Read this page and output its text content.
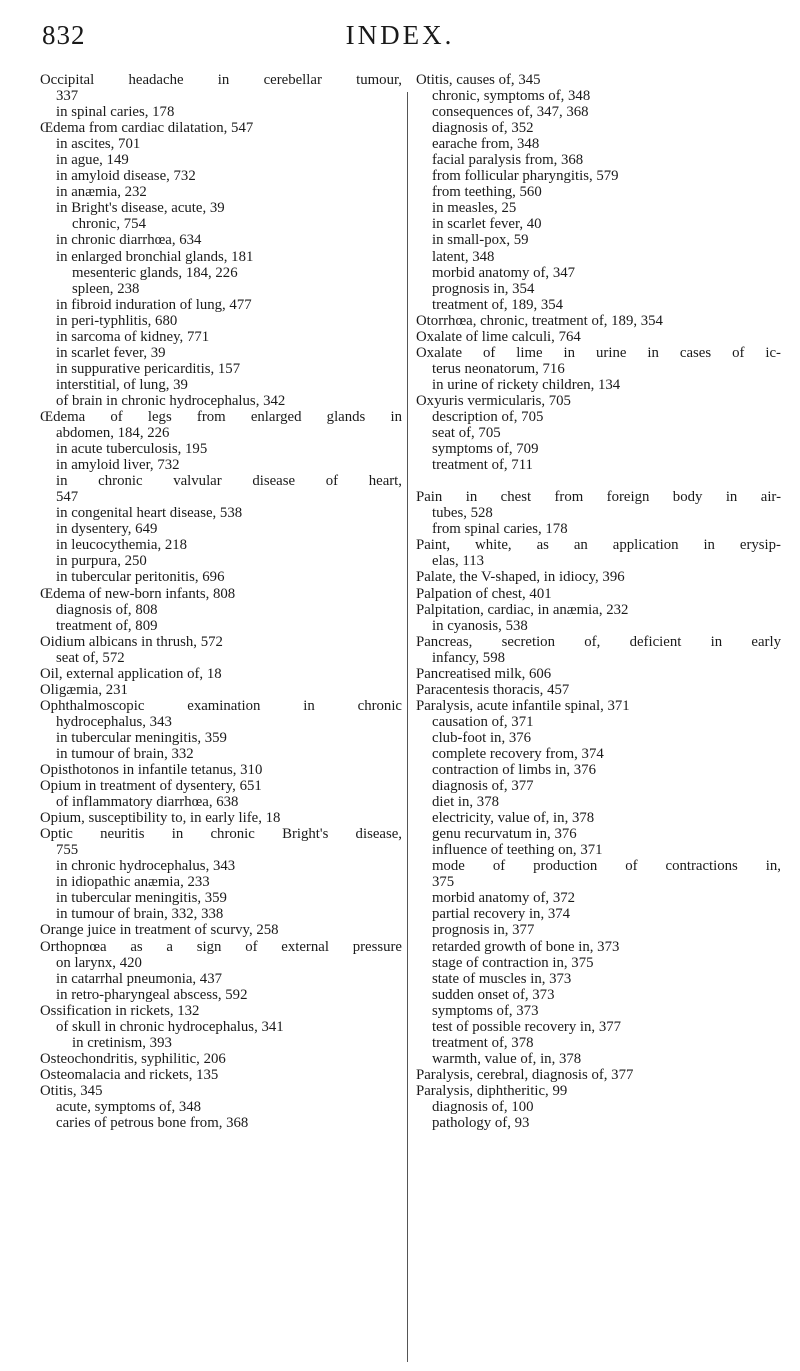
832	INDEX.
Occipital headache in cerebellar tumour,
337
in spinal caries, 178
Œdema from cardiac dilatation, 547
in ascites, 701
in ague, 149
in amyloid disease, 732
in anæmia, 232
in Bright's disease, acute, 39
chronic, 754
in chronic diarrhœa, 634
in enlarged bronchial glands, 181
mesenteric glands, 184, 226
spleen, 238
in fibroid induration of lung, 477
in peri-typhlitis, 680
in sarcoma of kidney, 771
in scarlet fever, 39
in suppurative pericarditis, 157
interstitial, of lung, 39
of brain in chronic hydrocephalus, 342
Œdema of legs from enlarged glands in
abdomen, 184, 226
in acute tuberculosis, 195
in amyloid liver, 732
in chronic valvular disease of heart,
547
in congenital heart disease, 538
in dysentery, 649
in leucocythemia, 218
in purpura, 250
in tubercular peritonitis, 696
Œdema of new-born infants, 808
diagnosis of, 808
treatment of, 809
Oidium albicans in thrush, 572
seat of, 572
Oil, external application of, 18
Oligæmia, 231
Ophthalmoscopic examination in chronic
hydrocephalus, 343
in tubercular meningitis, 359
in tumour of brain, 332
Opisthotonos in infantile tetanus, 310
Opium in treatment of dysentery, 651
of inflammatory diarrhœa, 638
Opium, susceptibility to, in early life, 18
Optic neuritis in chronic Bright's disease,
755
in chronic hydrocephalus, 343
in idiopathic anæmia, 233
in tubercular meningitis, 359
in tumour of brain, 332, 338
Orange juice in treatment of scurvy, 258
Orthopnœa as a sign of external pressure
on larynx, 420
in catarrhal pneumonia, 437
in retro-pharyngeal abscess, 592
Ossification in rickets, 132
of skull in chronic hydrocephalus, 341
in cretinism, 393
Osteochondritis, syphilitic, 206
Osteomalacia and rickets, 135
Otitis, 345
acute, symptoms of, 348
caries of petrous bone from, 368
Otitis, causes of, 345
chronic, symptoms of, 348
consequences of, 347, 368
diagnosis of, 352
earache from, 348
facial paralysis from, 368
from follicular pharyngitis, 579
from teething, 560
in measles, 25
in scarlet fever, 40
in small-pox, 59
latent, 348
morbid anatomy of, 347
prognosis in, 354
treatment of, 189, 354
Otorrhœa, chronic, treatment of, 189, 354
Oxalate of lime calculi, 764
Oxalate of lime in urine in cases of ic-
terus neonatorum, 716
in urine of rickety children, 134
Oxyuris vermicularis, 705
description of, 705
seat of, 705
symptoms of, 709
treatment of, 711
Pain in chest from foreign body in air-
tubes, 528
from spinal caries, 178
Paint, white, as an application in erysip-
elas, 113
Palate, the V-shaped, in idiocy, 396
Palpation of chest, 401
Palpitation, cardiac, in anæmia, 232
in cyanosis, 538
Pancreas, secretion of, deficient in early
infancy, 598
Pancreatised milk, 606
Paracentesis thoracis, 457
Paralysis, acute infantile spinal, 371
causation of, 371
club-foot in, 376
complete recovery from, 374
contraction of limbs in, 376
diagnosis of, 377
diet in, 378
electricity, value of, in, 378
genu recurvatum in, 376
influence of teething on, 371
mode of production of contractions in,
375
morbid anatomy of, 372
partial recovery in, 374
prognosis in, 377
retarded growth of bone in, 373
stage of contraction in, 375
state of muscles in, 373
sudden onset of, 373
symptoms of, 373
test of possible recovery in, 377
treatment of, 378
warmth, value of, in, 378
Paralysis, cerebral, diagnosis of, 377
Paralysis, diphtheritic, 99
diagnosis of, 100
pathology of, 93
